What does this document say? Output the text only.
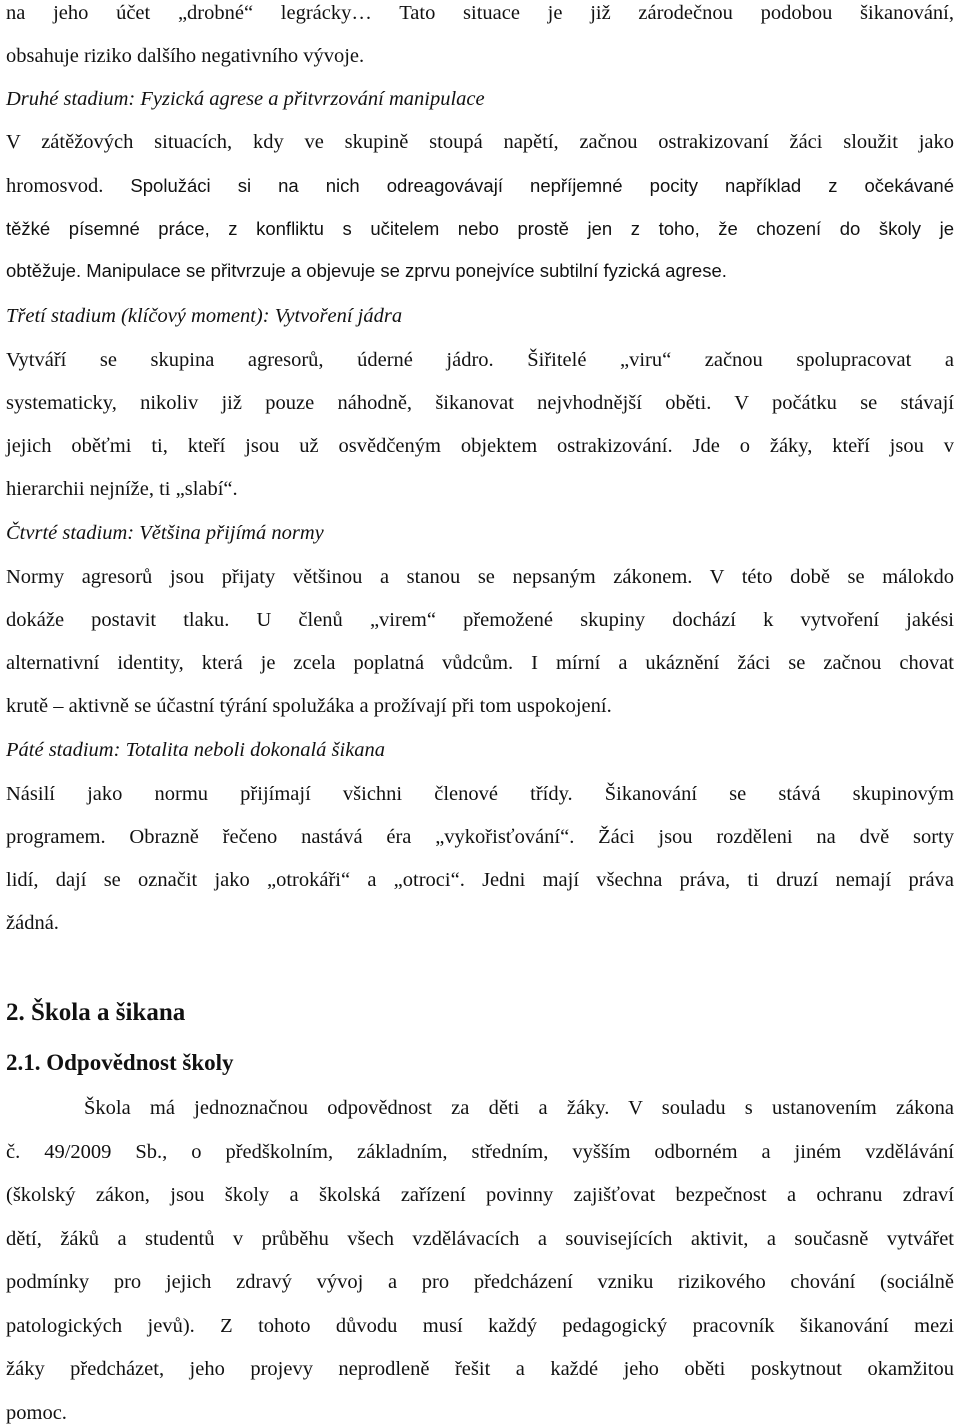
na jeho účet „drobné“ legrácky… Tato situace je již zárodečnou podobou šikanování,
obsahuje riziko dalšího negativního vývoje.
Druhé stadium: Fyzická agrese a přitvrzování manipulace
V zátěžových situacích, kdy ve skupině stoupá napětí, začnou ostrakizovaní žáci sloužit jako
hromosvod. Spolužáci si na nich odreagovávají nepříjemné pocity například z očekávané
těžké písemné práce, z konfliktu s učitelem nebo prostě jen z toho, že chození do školy je
obtěžuje. Manipulace se přitvrzuje a objevuje se zprvu ponejvíce subtilní fyzická agrese.
Třetí stadium (klíčový moment): Vytvoření jádra
Vytváří se skupina agresorů, úderné jádro. Šiřitelé „viru“ začnou spolupracovat a
systematicky, nikoliv již pouze náhodně, šikanovat nejvhodnější oběti. V počátku se stávají
jejich oběťmi ti, kteří jsou už osvědčeným objektem ostrakizování. Jde o žáky, kteří jsou v
hierarchii nejníže, ti „slabí“.
Čtvrté stadium: Většina přijímá normy
Normy agresorů jsou přijaty většinou a stanou se nepsaným zákonem. V této době se málokdo
dokáže postavit tlaku. U členů „virem“ přemožené skupiny dochází k vytvoření jakési
alternativní identity, která je zcela poplatná vůdcům. I mírní a ukáznění žáci se začnou chovat
krutě – aktivně se účastní týrání spolužáka a prožívají při tom uspokojení.
Páté stadium: Totalita neboli dokonalá šikana
Násilí jako normu přijímají všichni členové třídy. Šikanování se stává skupinovým
programem. Obrazně řečeno nastává éra „vykořisťování“. Žáci jsou rozděleni na dvě sorty
lidí, dají se označit jako „otrokáři“ a „otroci“. Jedni mají všechna práva, ti druzí nemají práva
žádná.
2. Škola a šikana
2.1. Odpovědnost školy
Škola má jednoznačnou odpovědnost za děti a žáky. V souladu s ustanovením zákona
č. 49/2009 Sb., o předškolním, základním, středním, vyšším odborném a jiném vzdělávání
(školský zákon, jsou školy a školská zařízení povinny zajišťovat bezpečnost a ochranu zdraví
dětí, žáků a studentů v průběhu všech vzdělávacích a souvisejících aktivit, a současně vytvářet
podmínky pro jejich zdravý vývoj a pro předcházení vzniku rizikového chování (sociálně
patologických jevů). Z tohoto důvodu musí každý pedagogický pracovník šikanování mezi
žáky předcházet, jeho projevy neprodleně řešit a každé jeho oběti poskytnout okamžitou
pomoc.
